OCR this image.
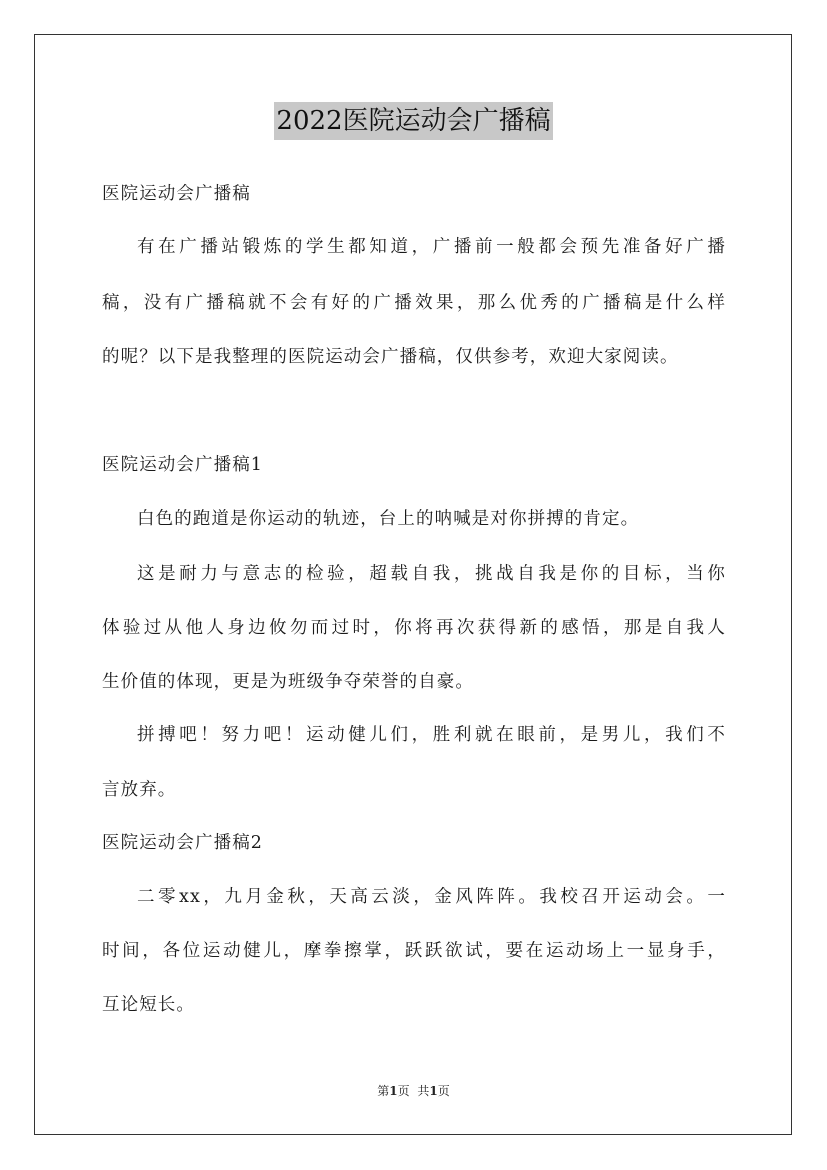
2022医院运动会广播稿
医院运动会广播稿
有在广播站锻炼的学生都知道，广播前一般都会预先准备好广播
稿，没有广播稿就不会有好的广播效果，那么优秀的广播稿是什么样
的呢？以下是我整理的医院运动会广播稿，仅供参考，欢迎大家阅读。
医院运动会广播稿1
白色的跑道是你运动的轨迹，台上的呐喊是对你拼搏的肯定。
这是耐力与意志的检验，超载自我，挑战自我是你的目标，当你
体验过从他人身边攸勿而过时，你将再次获得新的感悟，那是自我人
生价值的体现，更是为班级争夺荣誉的自豪。
拼搏吧！努力吧！运动健儿们，胜利就在眼前，是男儿，我们不
言放弃。
医院运动会广播稿2
二零xx，九月金秋，天高云淡，金风阵阵。我校召开运动会。一
时间，各位运动健儿，摩拳擦掌，跃跃欲试，要在运动场上一显身手，
互论短长。
第1页 共1页
